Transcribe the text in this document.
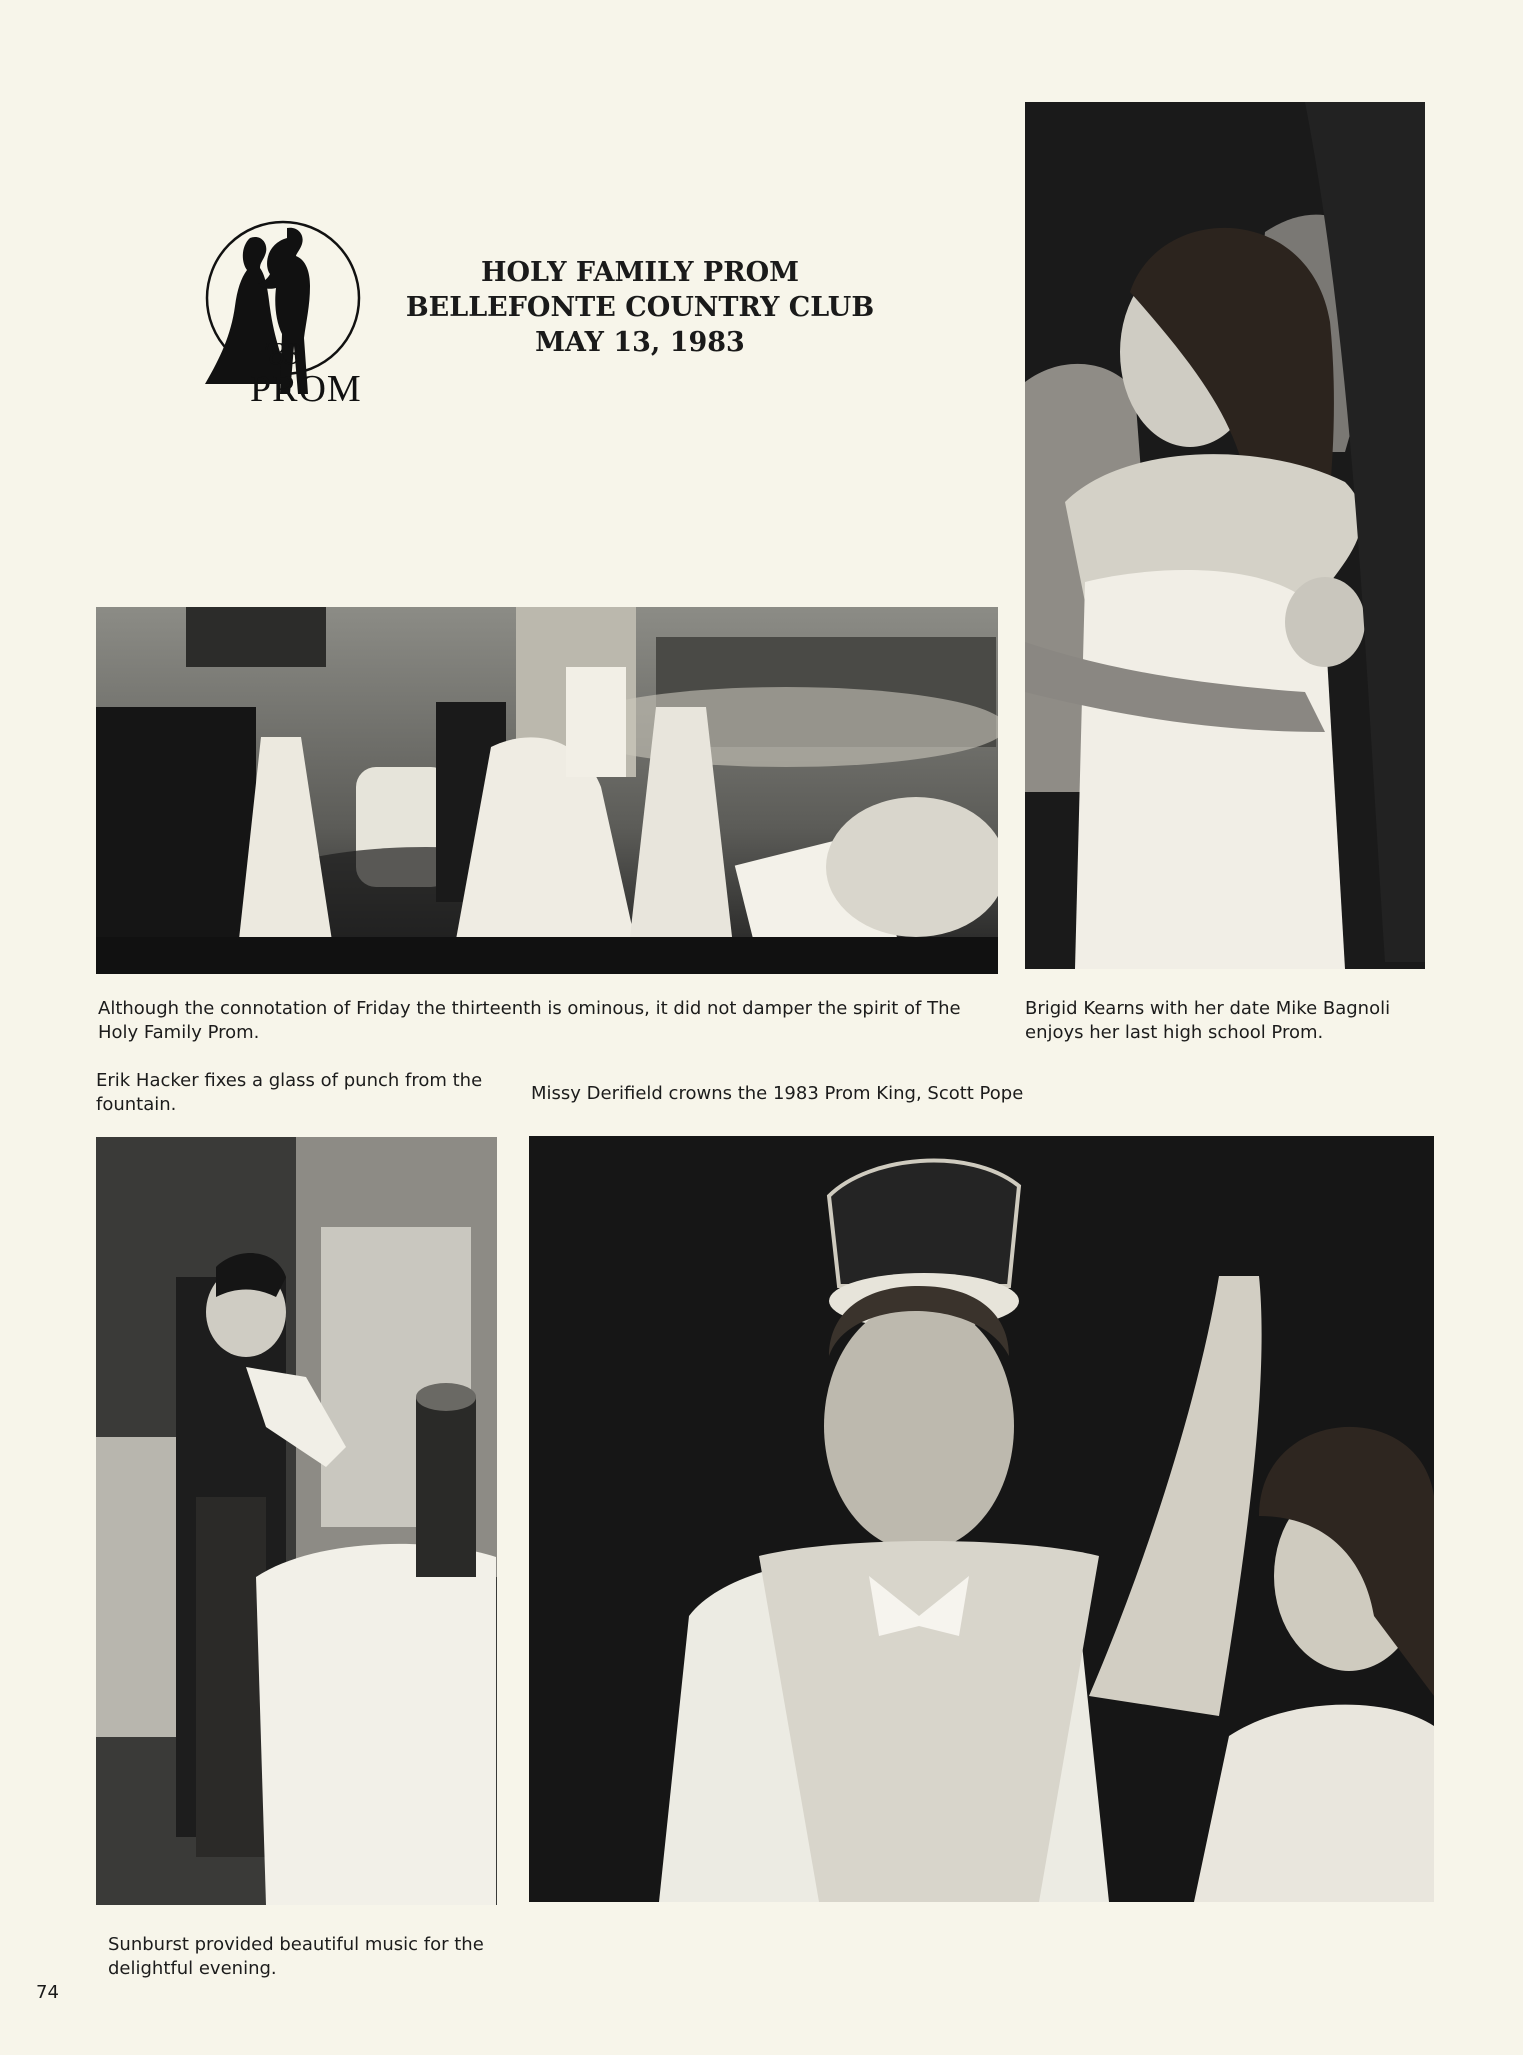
'83
PROM
HOLY FAMILY PROM
BELLEFONTE COUNTRY CLUB
MAY 13, 1983
Although the connotation of Friday the thirteenth is ominous, it did not damper the spirit of The Holy Family Prom.
Brigid Kearns with her date Mike Bagnoli enjoys her last high school Prom.
Erik Hacker fixes a glass of punch from the fountain.
Missy Derifield crowns the 1983 Prom King, Scott Pope
Sunburst provided beautiful music for the delightful evening.
74
